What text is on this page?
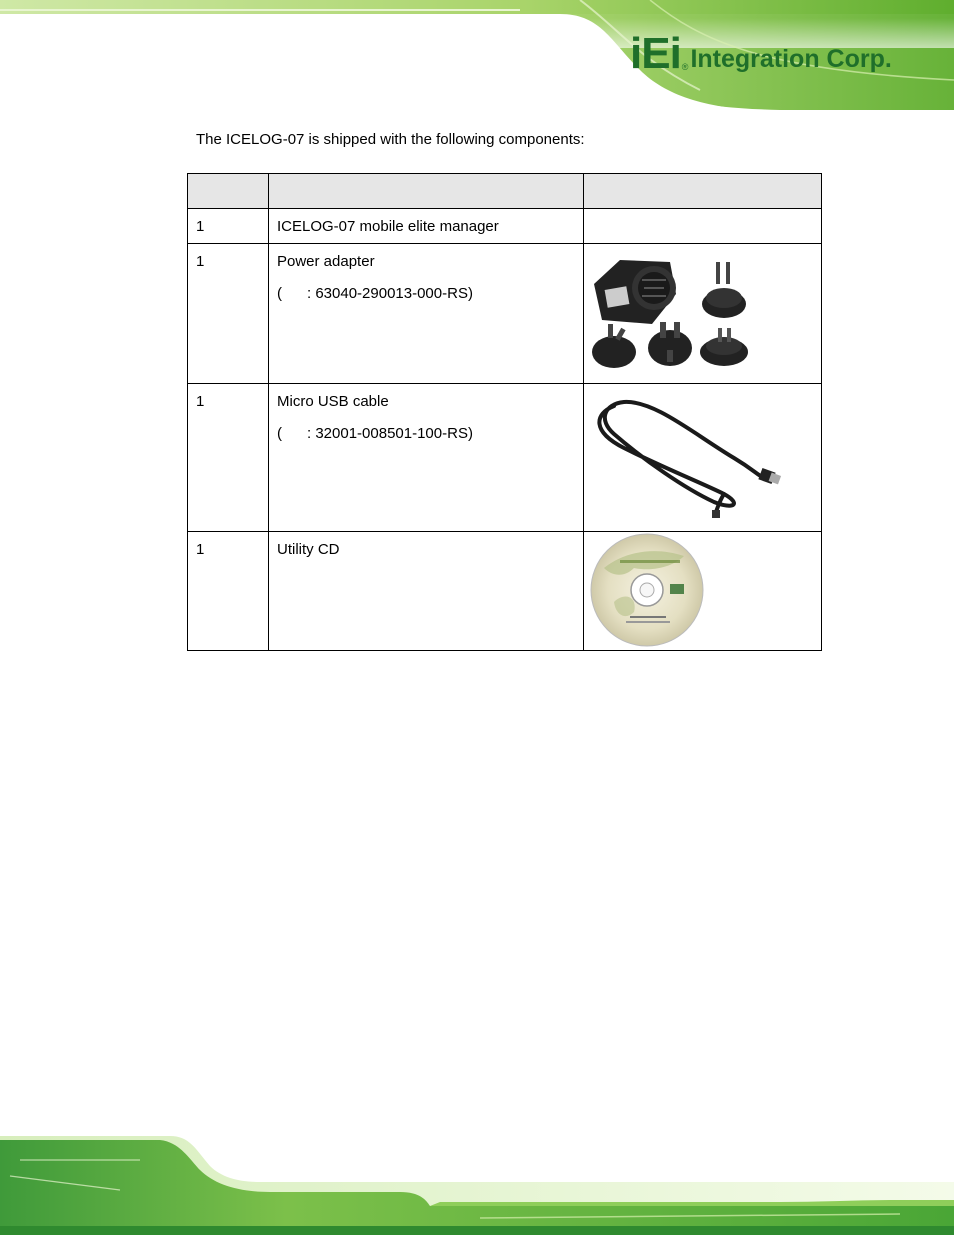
iEi ® Integration Corp.
The ICELOG-07 is shipped with the following components:

1	ICELOG-07 mobile elite manager	

1	Power adapter
(      : 63040-290013-000-RS)

1	Micro USB cable
(      : 32001-008501-100-RS)

1	Utility CD
